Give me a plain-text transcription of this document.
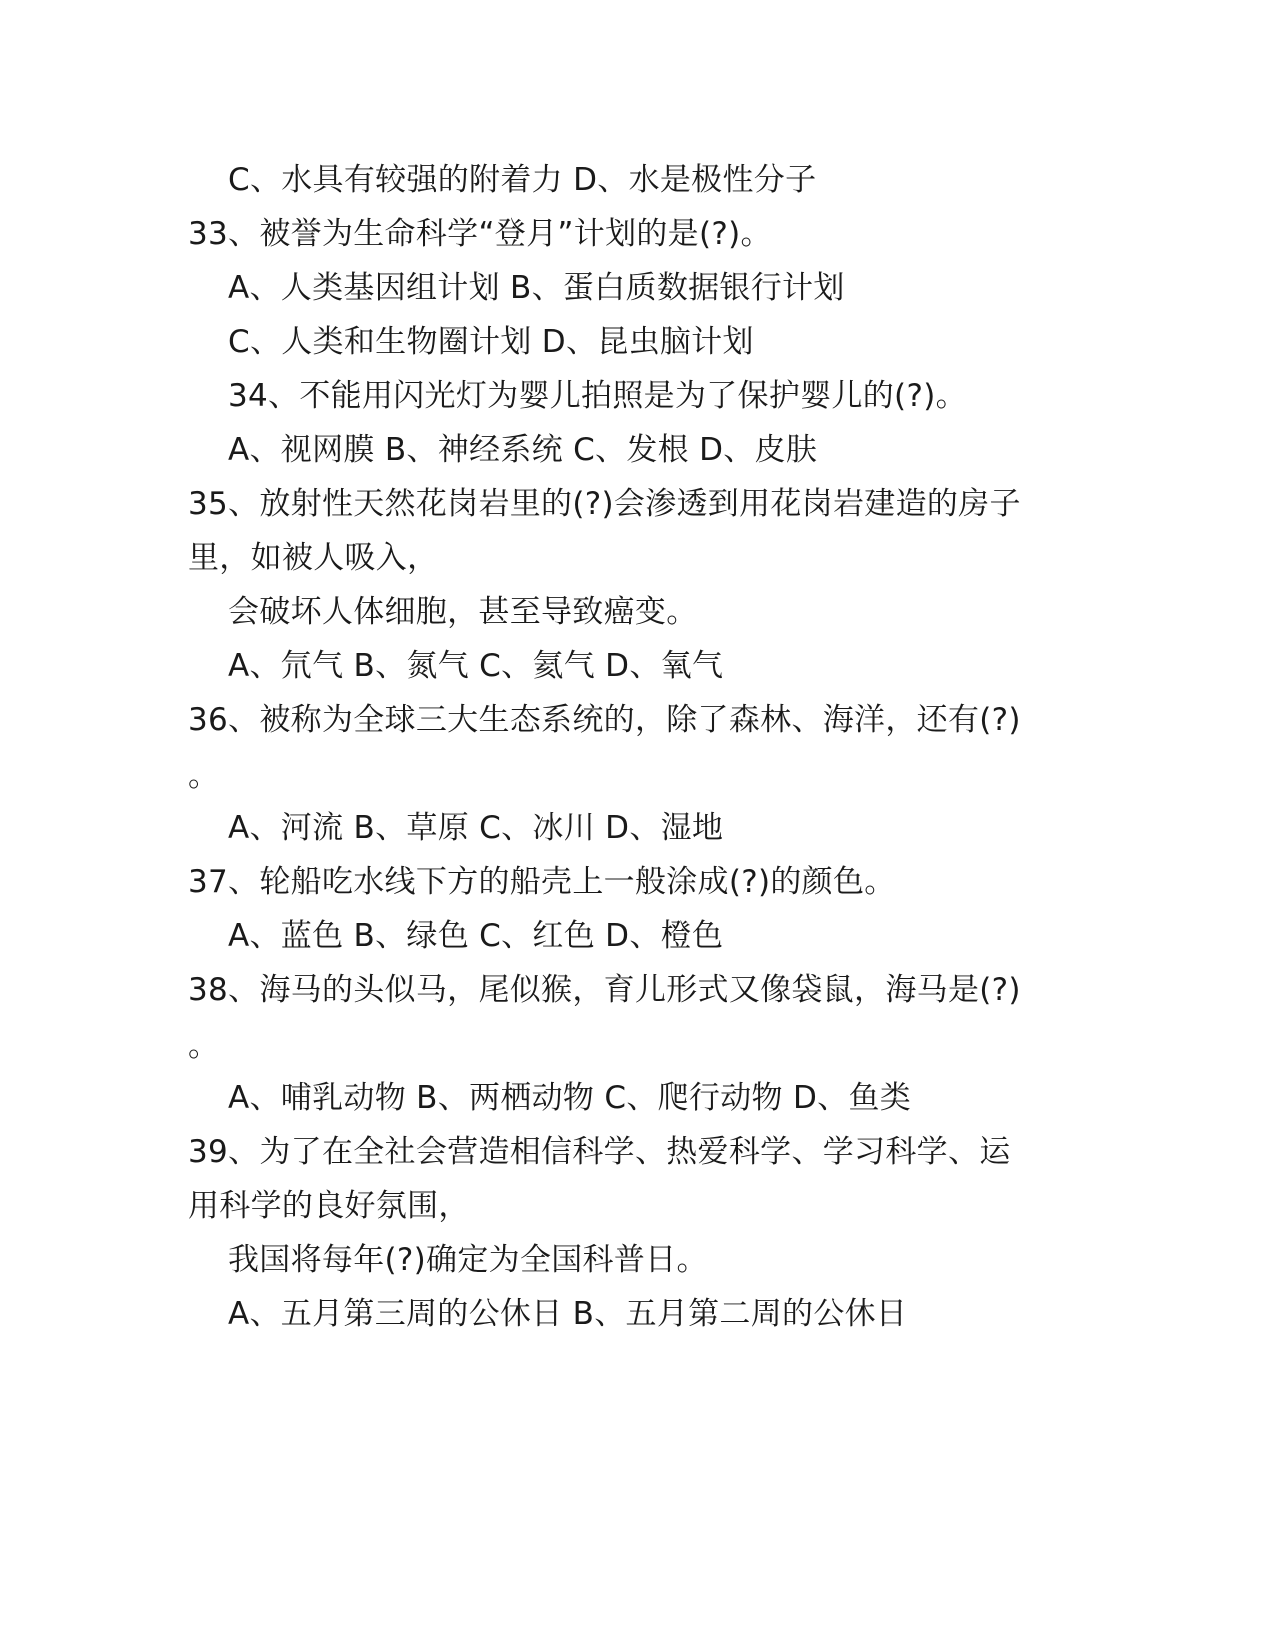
C、水具有较强的附着力 D、水是极性分子
33、被誉为生命科学“登月”计划的是(?)。
A、人类基因组计划 B、蛋白质数据银行计划
C、人类和生物圈计划 D、昆虫脑计划
34、不能用闪光灯为婴儿拍照是为了保护婴儿的(?)。
A、视网膜 B、神经系统 C、发根 D、皮肤
35、放射性天然花岗岩里的(?)会渗透到用花岗岩建造的房子
里，如被人吸入，
会破坏人体细胞，甚至导致癌变。
A、氘气 B、氮气 C、氦气 D、氧气
36、被称为全球三大生态系统的，除了森林、海洋，还有(?)
。
A、河流 B、草原 C、冰川 D、湿地
37、轮船吃水线下方的船壳上一般涂成(?)的颜色。
A、蓝色 B、绿色 C、红色 D、橙色
38、海马的头似马，尾似猴，育儿形式又像袋鼠，海马是(?)
。
A、哺乳动物 B、两栖动物 C、爬行动物 D、鱼类
39、为了在全社会营造相信科学、热爱科学、学习科学、运
用科学的良好氛围，
我国将每年(?)确定为全国科普日。
A、五月第三周的公休日 B、五月第二周的公休日
